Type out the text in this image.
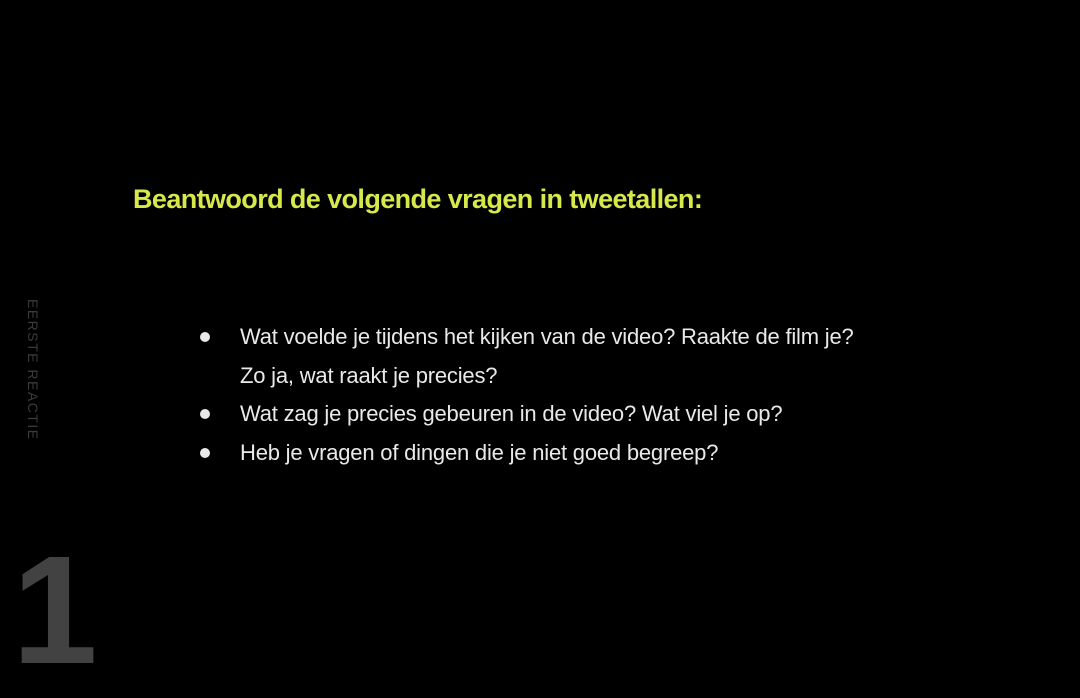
Beantwoord de volgende vragen in tweetallen:
EERSTE REACTIE	Wat voelde je tijdens het kijken van de video? Raakte de film je?
Zo ja, wat raakt je precies?
Wat zag je precies gebeuren in de video? Wat viel je op?
Heb je vragen of dingen die je niet goed begreep?
1
